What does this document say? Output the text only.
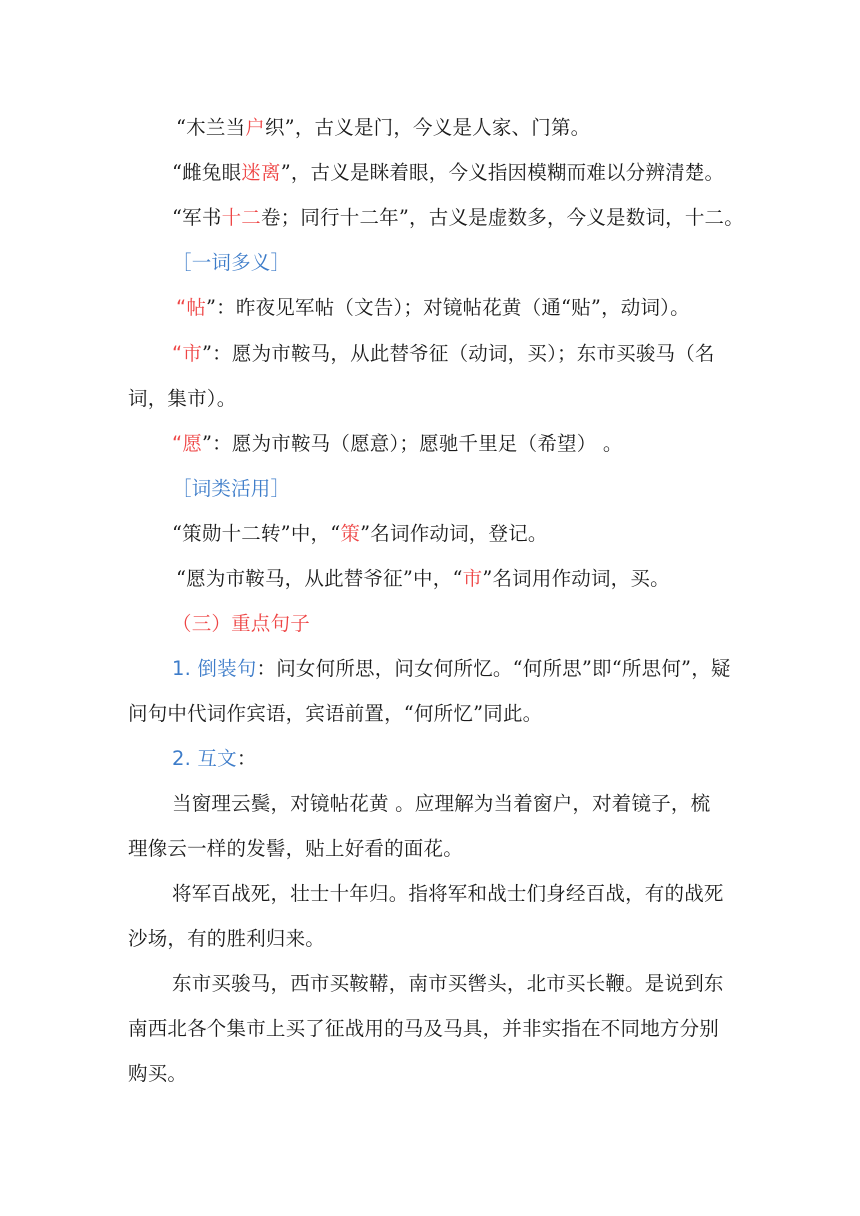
“木兰当户织”，古义是门，今义是人家、门第。
“雌兔眼迷离”，古义是眯着眼，今义指因模糊而难以分辨清楚。
“军书十二卷；同行十二年”，古义是虚数多，今义是数词，十二。
［一词多义］
“帖”：昨夜见军帖（文告）；对镜帖花黄（通“贴”，动词）。
“市”：愿为市鞍马，从此替爷征（动词，买）；东市买骏马（名
词，集市）。
“愿”：愿为市鞍马（愿意）；愿驰千里足（希望） 。
［词类活用］
“策勋十二转”中，“策”名词作动词，登记。
“愿为市鞍马，从此替爷征”中，“市”名词用作动词，买。
（三）重点句子
1. 倒装句：问女何所思，问女何所忆。“何所思”即“所思何”，疑
问句中代词作宾语，宾语前置，“何所忆”同此。
2. 互文：
当窗理云鬓，对镜帖花黄 。应理解为当着窗户，对着镜子，梳
理像云一样的发髻，贴上好看的面花。
将军百战死，壮士十年归。指将军和战士们身经百战，有的战死
沙场，有的胜利归来。
东市买骏马，西市买鞍鞯，南市买辔头，北市买长鞭。是说到东
南西北各个集市上买了征战用的马及马具，并非实指在不同地方分别
购买。
